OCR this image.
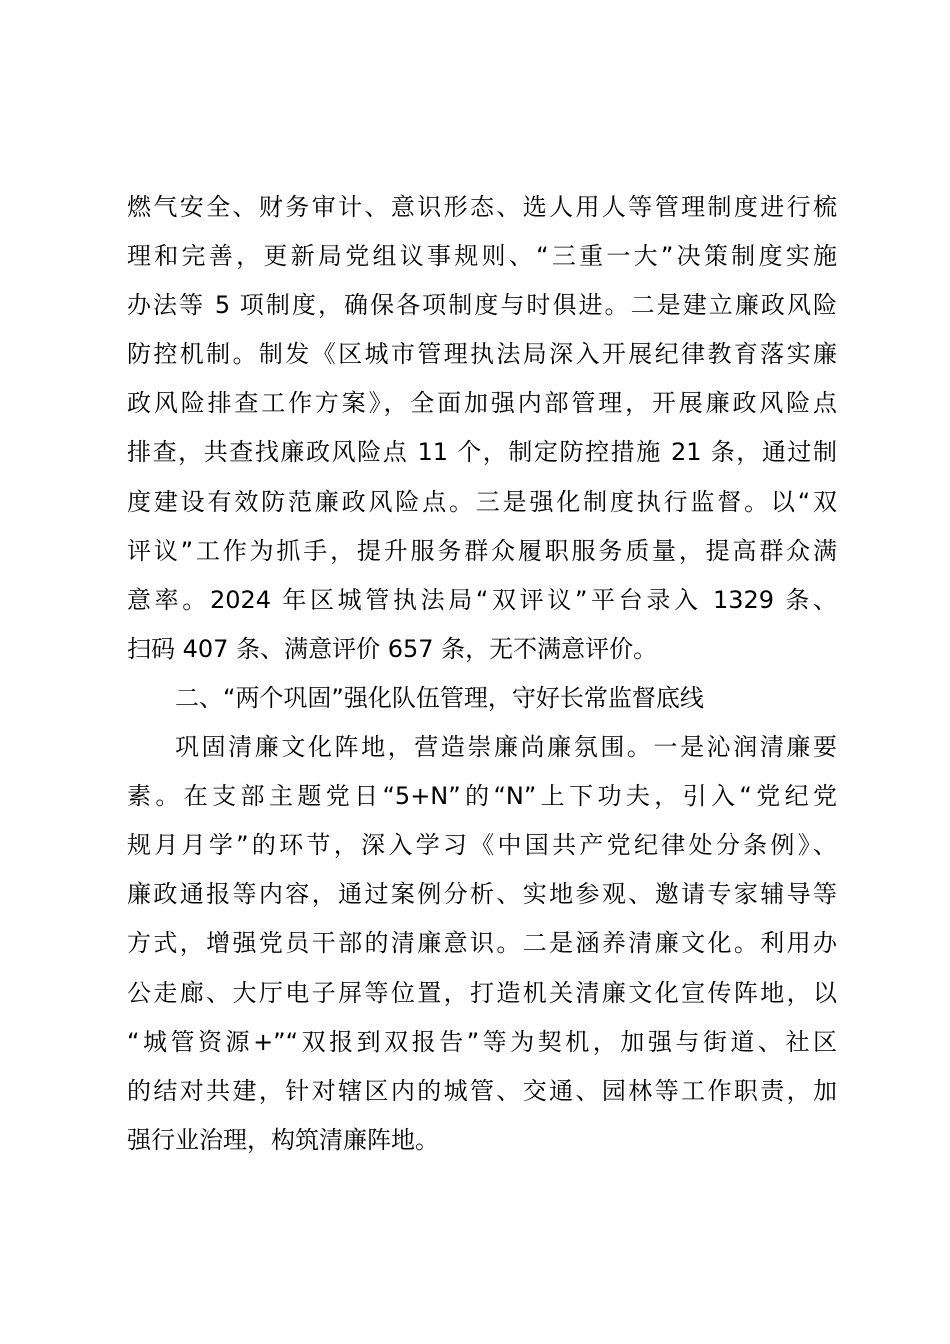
燃气安全、财务审计、意识形态、选人用人等管理制度进行梳
理和完善，更新局党组议事规则、“三重一大”决策制度实施
办法等 5 项制度，确保各项制度与时俱进。二是建立廉政风险
防控机制。制发《区城市管理执法局深入开展纪律教育落实廉
政风险排查工作方案》，全面加强内部管理，开展廉政风险点
排查，共查找廉政风险点 11 个，制定防控措施 21 条，通过制
度建设有效防范廉政风险点。三是强化制度执行监督。以“双
评议”工作为抓手，提升服务群众履职服务质量，提高群众满
意率。2024 年区城管执法局“双评议”平台录入 1329 条、
扫码 407 条、满意评价 657 条，无不满意评价。
二、“两个巩固”强化队伍管理，守好长常监督底线
巩固清廉文化阵地，营造崇廉尚廉氛围。一是沁润清廉要
素。在支部主题党日“5+N”的“N”上下功夫，引入“党纪党
规月月学”的环节，深入学习《中国共产党纪律处分条例》、
廉政通报等内容，通过案例分析、实地参观、邀请专家辅导等
方式，增强党员干部的清廉意识。二是涵养清廉文化。利用办
公走廊、大厅电子屏等位置，打造机关清廉文化宣传阵地，以
“城管资源+”“双报到双报告”等为契机，加强与街道、社区
的结对共建，针对辖区内的城管、交通、园林等工作职责，加
强行业治理，构筑清廉阵地。
